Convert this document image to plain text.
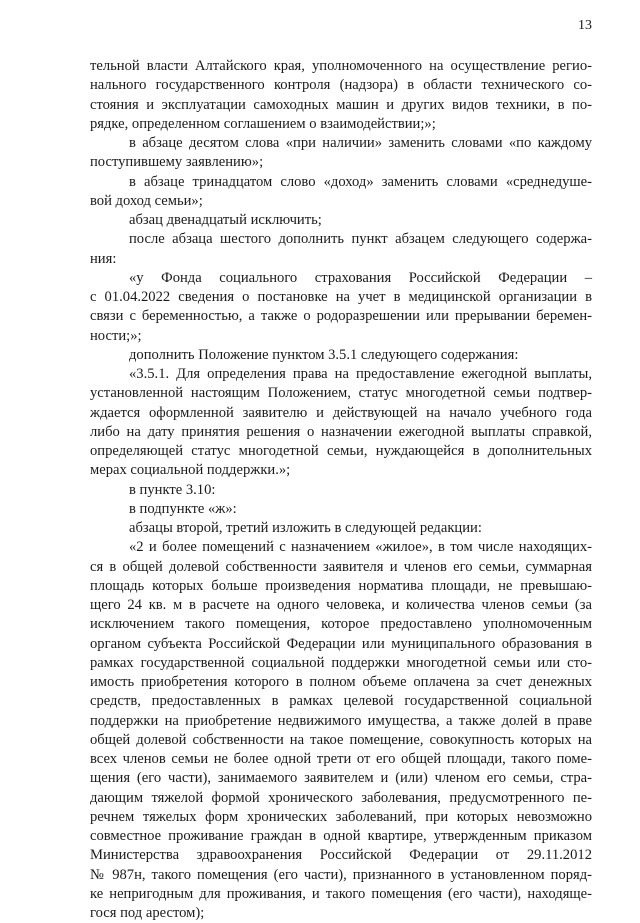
13
тельной власти Алтайского края, уполномоченного на осуществление регио-
нального государственного контроля (надзора) в области технического со-
стояния и эксплуатации самоходных машин и других видов техники, в по-
рядке, определенном соглашением о взаимодействии;»;
в абзаце десятом слова «при наличии» заменить словами «по каждому
поступившему заявлению»;
в абзаце тринадцатом слово «доход» заменить словами «среднедуше-
вой доход семьи»;
абзац двенадцатый исключить;
после абзаца шестого дополнить пункт абзацем следующего содержа-
ния:
«у Фонда социального страхования Российской Федерации –
с 01.04.2022 сведения о постановке на учет в медицинской организации в
связи с беременностью, а также о родоразрешении или прерывании беремен-
ности;»;
дополнить Положение пунктом 3.5.1 следующего содержания:
«3.5.1. Для определения права на предоставление ежегодной выплаты,
установленной настоящим Положением, статус многодетной семьи подтвер-
ждается оформленной заявителю и действующей на начало учебного года
либо на дату принятия решения о назначении ежегодной выплаты справкой,
определяющей статус многодетной семьи, нуждающейся в дополнительных
мерах социальной поддержки.»;
в пункте 3.10:
в подпункте «ж»:
абзацы второй, третий изложить в следующей редакции:
«2 и более помещений с назначением «жилое», в том числе находящих-
ся в общей долевой собственности заявителя и членов его семьи, суммарная
площадь которых больше произведения норматива площади, не превышаю-
щего 24 кв. м в расчете на одного человека, и количества членов семьи (за
исключением такого помещения, которое предоставлено уполномоченным
органом субъекта Российской Федерации или муниципального образования в
рамках государственной социальной поддержки многодетной семьи или сто-
имость приобретения которого в полном объеме оплачена за счет денежных
средств, предоставленных в рамках целевой государственной социальной
поддержки на приобретение недвижимого имущества, а также долей в праве
общей долевой собственности на такое помещение, совокупность которых на
всех членов семьи не более одной трети от его общей площади, такого поме-
щения (его части), занимаемого заявителем и (или) членом его семьи, стра-
дающим тяжелой формой хронического заболевания, предусмотренного пе-
речнем тяжелых форм хронических заболеваний, при которых невозможно
совместное проживание граждан в одной квартире, утвержденным приказом
Министерства здравоохранения Российской Федерации от 29.11.2012
№ 987н, такого помещения (его части), признанного в установленном поряд-
ке непригодным для проживания, и такого помещения (его части), находяще-
гося под арестом);
